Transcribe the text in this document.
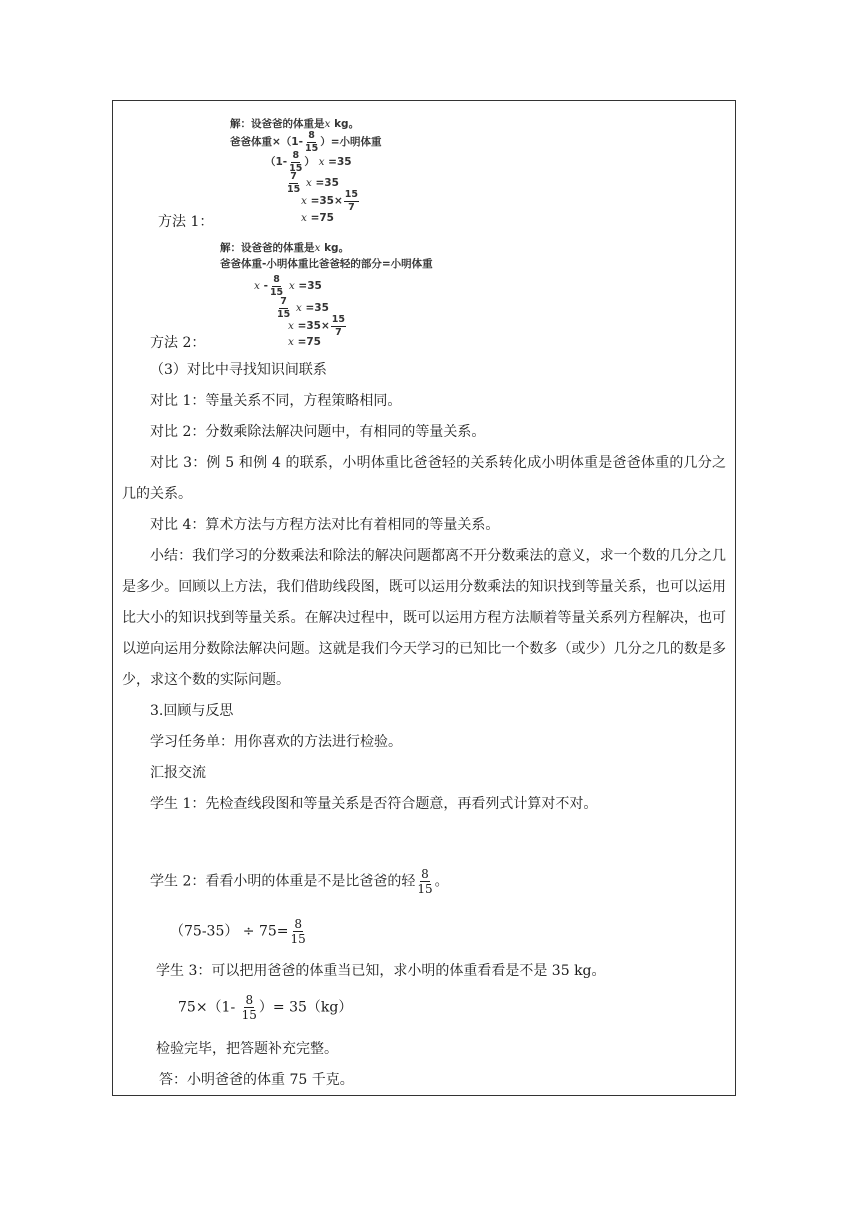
解：设爸爸的体重是x kg。
爸爸体重$\times(1- \frac{8}{15}$ ）=小明体重
（$1- \frac{8}{15}$ ） x =35
$\frac{7}{15}$ x =35
$x =35\times \frac{15}{7}$
x =75
方法 1：
解：设爸爸的体重是x kg。
爸爸体重-小明体重比爸爸轻的部分=小明体重
x - $\frac{8}{15}$ x =35
$\frac{7}{15}$ x =35
$x =35\times \frac{15}{7}$
x =75
方法 2：

（3）对比中寻找知识间联系

对比 1：等量关系不同，方程策略相同。

对比 2：分数乘除法解决问题中，有相同的等量关系。

对比 3：例 5 和例 4 的联系，小明体重比爸爸轻的关系转化成小明体重是爸爸体重的几分之几的关系。

对比 4：算术方法与方程方法对比有着相同的等量关系。

小结：我们学习的分数乘法和除法的解决问题都离不开分数乘法的意义，求一个数的几分之几是多少。回顾以上方法，我们借助线段图，既可以运用分数乘法的知识找到等量关系，也可以运用比大小的知识找到等量关系。在解决过程中，既可以运用方程方法顺着等量关系列方程解决，也可以逆向运用分数除法解决问题。这就是我们今天学习的已知比一个数多（或少）几分之几的数是多少，求这个数的实际问题。

3.回顾与反思

学习任务单：用你喜欢的方法进行检验。

汇报交流

学生 1：先检查线段图和等量关系是否符合题意，再看列式计算对不对。

学生 2：看看小明的体重是不是比爸爸的轻 $\frac{8}{15}$ 。
$(75-35) \div 75= \frac{8}{15}$
学生 3：可以把用爸爸的体重当已知，求小明的体重看看是不是 35 kg。
$75\times(1- \frac{8}{15}$ ）= 35（kg）
检验完毕，把答题补充完整。
答：小明爸爸的体重 75 千克。
